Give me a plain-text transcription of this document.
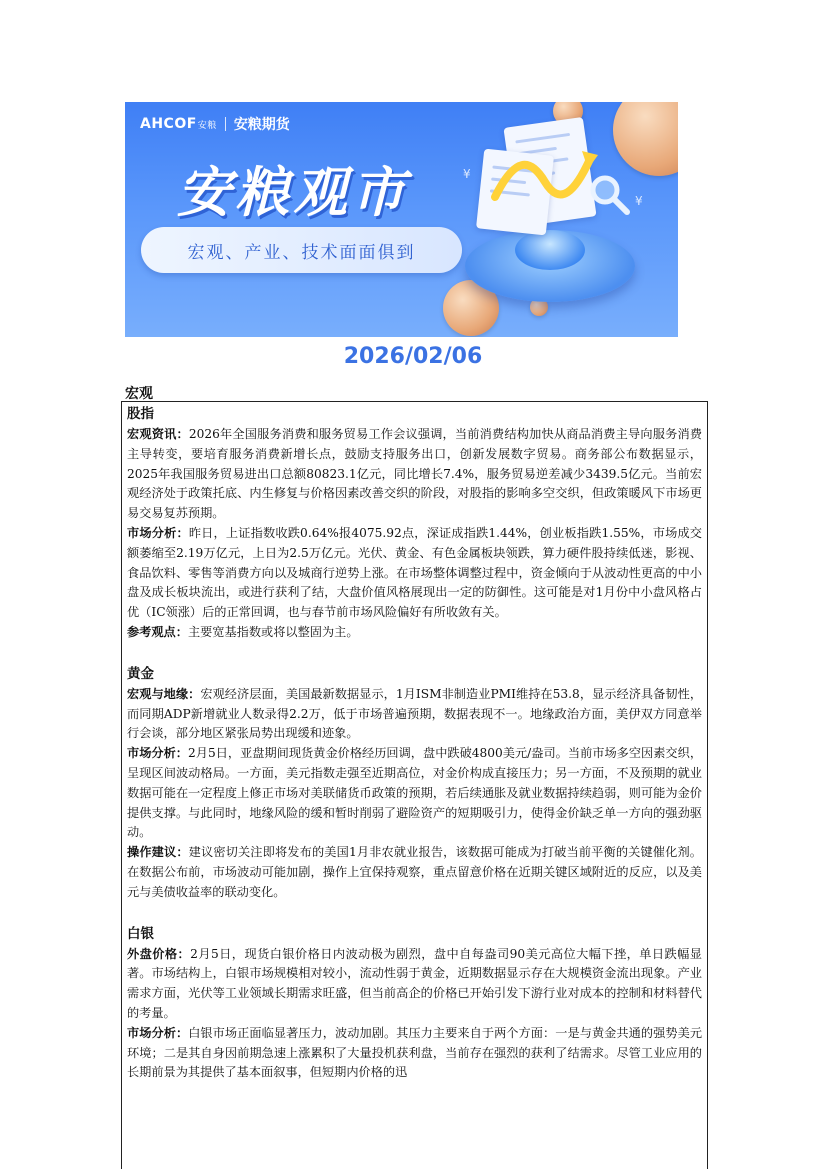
AHCOF安粮 安粮期货
¥
¥
安粮观市
宏观、产业、技术面面俱到
2026/02/06
宏观

股指

宏观资讯：2026年全国服务消费和服务贸易工作会议强调，当前消费结构加快从商品消费主导向服务消费主导转变，要培育服务消费新增长点，鼓励支持服务出口，创新发展数字贸易。商务部公布数据显示，2025年我国服务贸易进出口总额80823.1亿元，同比增长7.4%，服务贸易逆差减少3439.5亿元。当前宏观经济处于政策托底、内生修复与价格因素改善交织的阶段，对股指的影响多空交织，但政策暖风下市场更易交易复苏预期。

市场分析：昨日，上证指数收跌0.64%报4075.92点，深证成指跌1.44%，创业板指跌1.55%，市场成交额萎缩至2.19万亿元，上日为2.5万亿元。光伏、黄金、有色金属板块领跌，算力硬件股持续低迷，影视、食品饮料、零售等消费方向以及城商行逆势上涨。在市场整体调整过程中，资金倾向于从波动性更高的中小盘及成长板块流出，或进行获利了结，大盘价值风格展现出一定的防御性。这可能是对1月份中小盘风格占优（IC领涨）后的正常回调，也与春节前市场风险偏好有所收敛有关。

参考观点：主要宽基指数或将以整固为主。

黄金

宏观与地缘：宏观经济层面，美国最新数据显示，1月ISM非制造业PMI维持在53.8，显示经济具备韧性，而同期ADP新增就业人数录得2.2万，低于市场普遍预期，数据表现不一。地缘政治方面，美伊双方同意举行会谈，部分地区紧张局势出现缓和迹象。

市场分析：2月5日，亚盘期间现货黄金价格经历回调，盘中跌破4800美元/盎司。当前市场多空因素交织，呈现区间波动格局。一方面，美元指数走强至近期高位，对金价构成直接压力；另一方面，不及预期的就业数据可能在一定程度上修正市场对美联储货币政策的预期，若后续通胀及就业数据持续趋弱，则可能为金价提供支撑。与此同时，地缘风险的缓和暂时削弱了避险资产的短期吸引力，使得金价缺乏单一方向的强劲驱动。

操作建议：建议密切关注即将发布的美国1月非农就业报告，该数据可能成为打破当前平衡的关键催化剂。在数据公布前，市场波动可能加剧，操作上宜保持观察，重点留意价格在近期关键区域附近的反应，以及美元与美债收益率的联动变化。

白银

外盘价格：2月5日，现货白银价格日内波动极为剧烈，盘中自每盎司90美元高位大幅下挫，单日跌幅显著。市场结构上，白银市场规模相对较小，流动性弱于黄金，近期数据显示存在大规模资金流出现象。产业需求方面，光伏等工业领域长期需求旺盛，但当前高企的价格已开始引发下游行业对成本的控制和材料替代的考量。

市场分析：白银市场正面临显著压力，波动加剧。其压力主要来自于两个方面：一是与黄金共通的强势美元环境；二是其自身因前期急速上涨累积了大量投机获利盘，当前存在强烈的获利了结需求。尽管工业应用的长期前景为其提供了基本面叙事，但短期内价格的迅
